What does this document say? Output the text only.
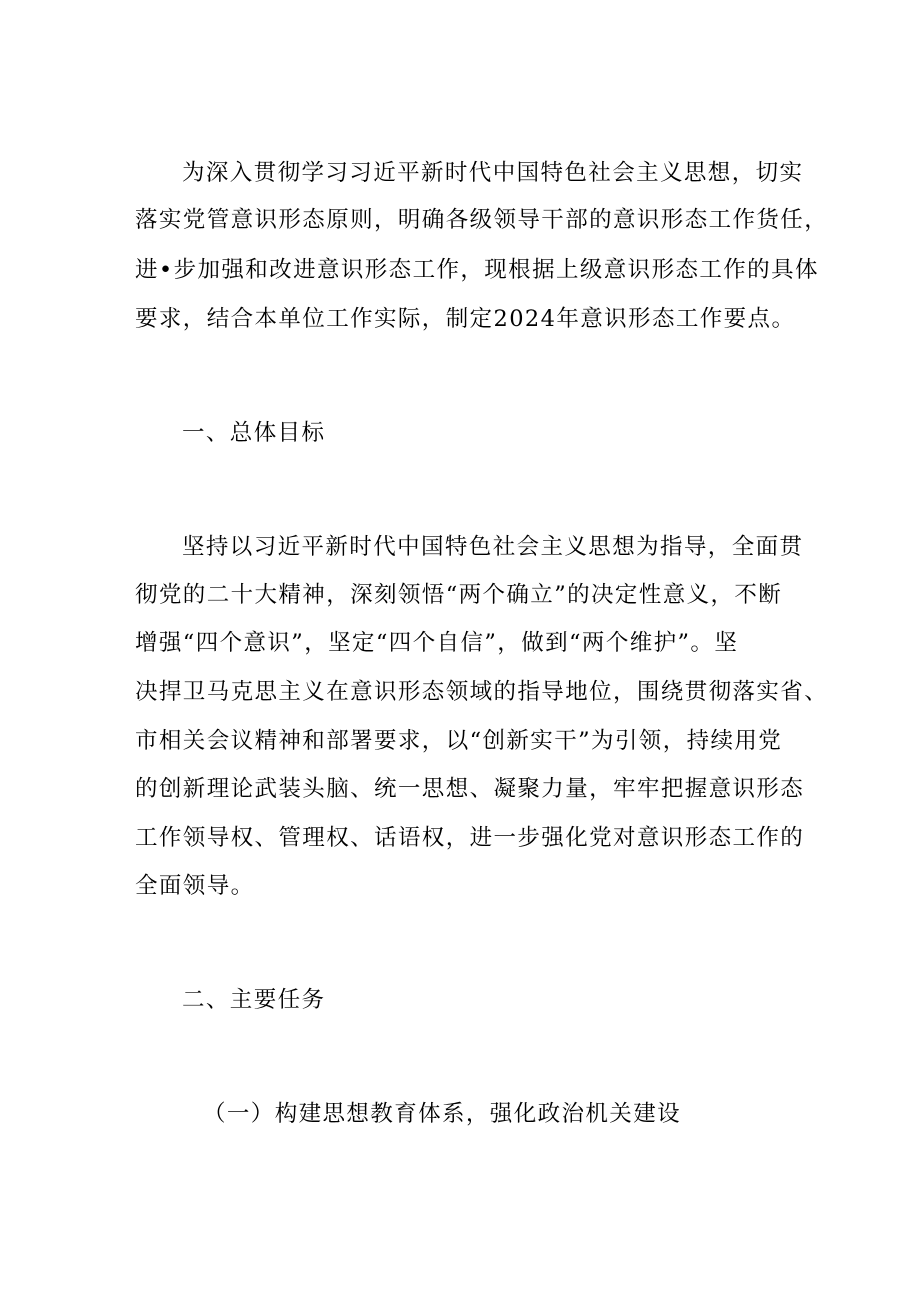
为深入贯彻学习习近平新时代中国特色社会主义思想，切实
落实党管意识形态原则，明确各级领导干部的意识形态工作货任，
进•步加强和改进意识形态工作，现根据上级意识形态工作的具体
要求，结合本单位工作实际，制定2024年意识形态工作要点。
一、总体目标
坚持以习近平新时代中国特色社会主义思想为指导，全面贯
彻党的二十大精神，深刻领悟“两个确立”的决定性意义，不断
增强“四个意识”，坚定“四个自信”，做到“两个维护”。坚
决捍卫马克思主义在意识形态领域的指导地位，围绕贯彻落实省、
市相关会议精神和部署要求，以“创新实干”为引领，持续用党
的创新理论武装头脑、统一思想、凝聚力量，牢牢把握意识形态
工作领导权、管理权、话语权，进一步强化党对意识形态工作的
全面领导。
二、主要任务
（一）构建思想教育体系，强化政治机关建设
